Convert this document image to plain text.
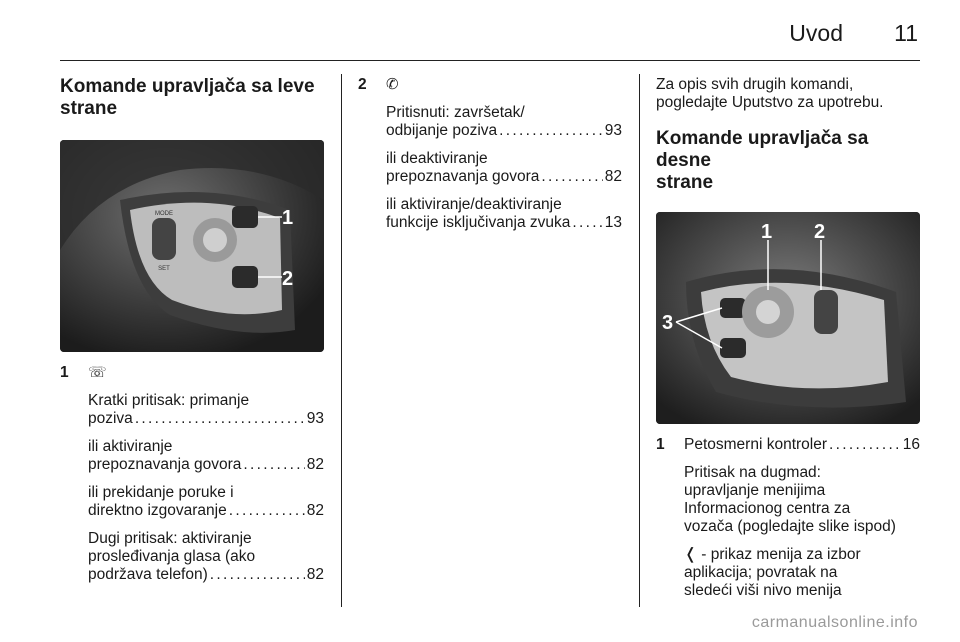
Uvod 11
Komande upravljača sa leve
strane
MODE
SET
1
2
1 ☏
Kratki pritisak: primanje
poziva . . .	93
ili aktiviranje
prepoznavanja govora . . .	82
ili prekidanje poruke i
direktno izgovaranje . . .	82
Dugi pritisak: aktiviranje
prosleđivanja glasa (ako
podržava telefon) . . .	82
2 ✆
Pritisnuti: završetak/
odbijanje poziva . . .	93
ili deaktiviranje
prepoznavanja govora . . .	82
ili aktiviranje/deaktiviranje
funkcije isključivanja zvuka . . . 13

Za opis svih drugih komandi,
pogledajte Uputstvo za upotrebu.

Komande upravljača sa desne
strane
1 2
3
1 Petosmerni kontroler . . .	16
Pritisak na dugmad:
upravljanje menijima
Informacionog centra za
vozača (pogledajte slike ispod)
❬ - prikaz menija za izbor
aplikacija; povratak na
sledeći viši nivo menija
carmanualsonline.info
